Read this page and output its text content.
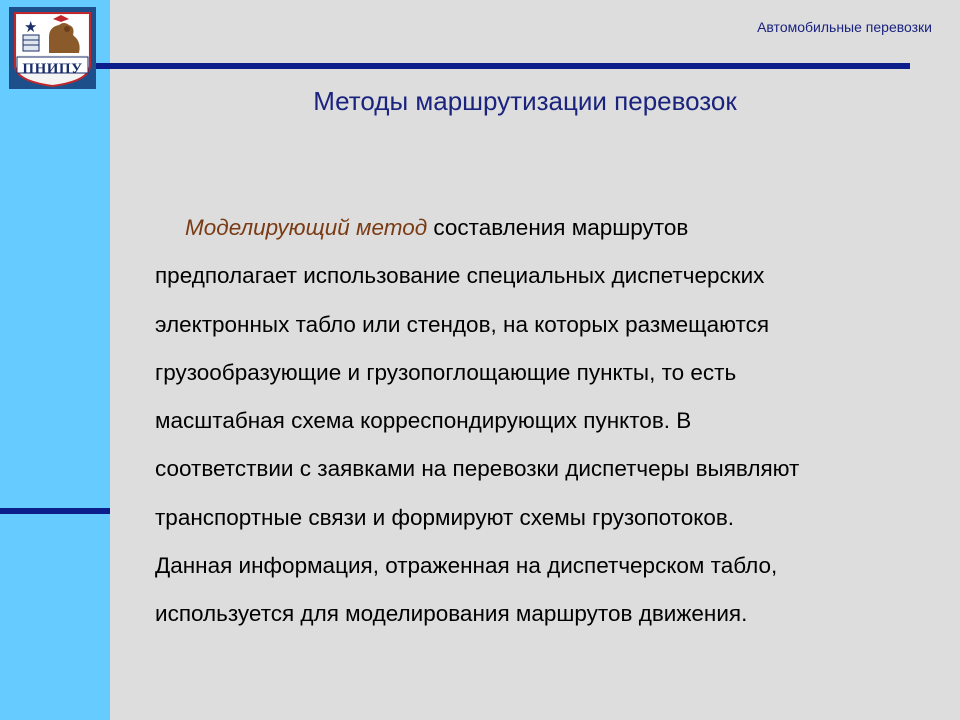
ПНИПУ
Автомобильные перевозки
Методы маршрутизации перевозок
Моделирующий метод составления маршрутов
предполагает использование специальных диспетчерских
электронных табло или стендов, на которых размещаются
грузообразующие и грузопоглощающие пункты, то есть
масштабная схема корреспондирующих пунктов. В
соответствии с заявками на перевозки диспетчеры выявляют
транспортные связи и формируют схемы грузопотоков.
Данная информация, отраженная на диспетчерском табло,
используется для моделирования маршрутов движения.
